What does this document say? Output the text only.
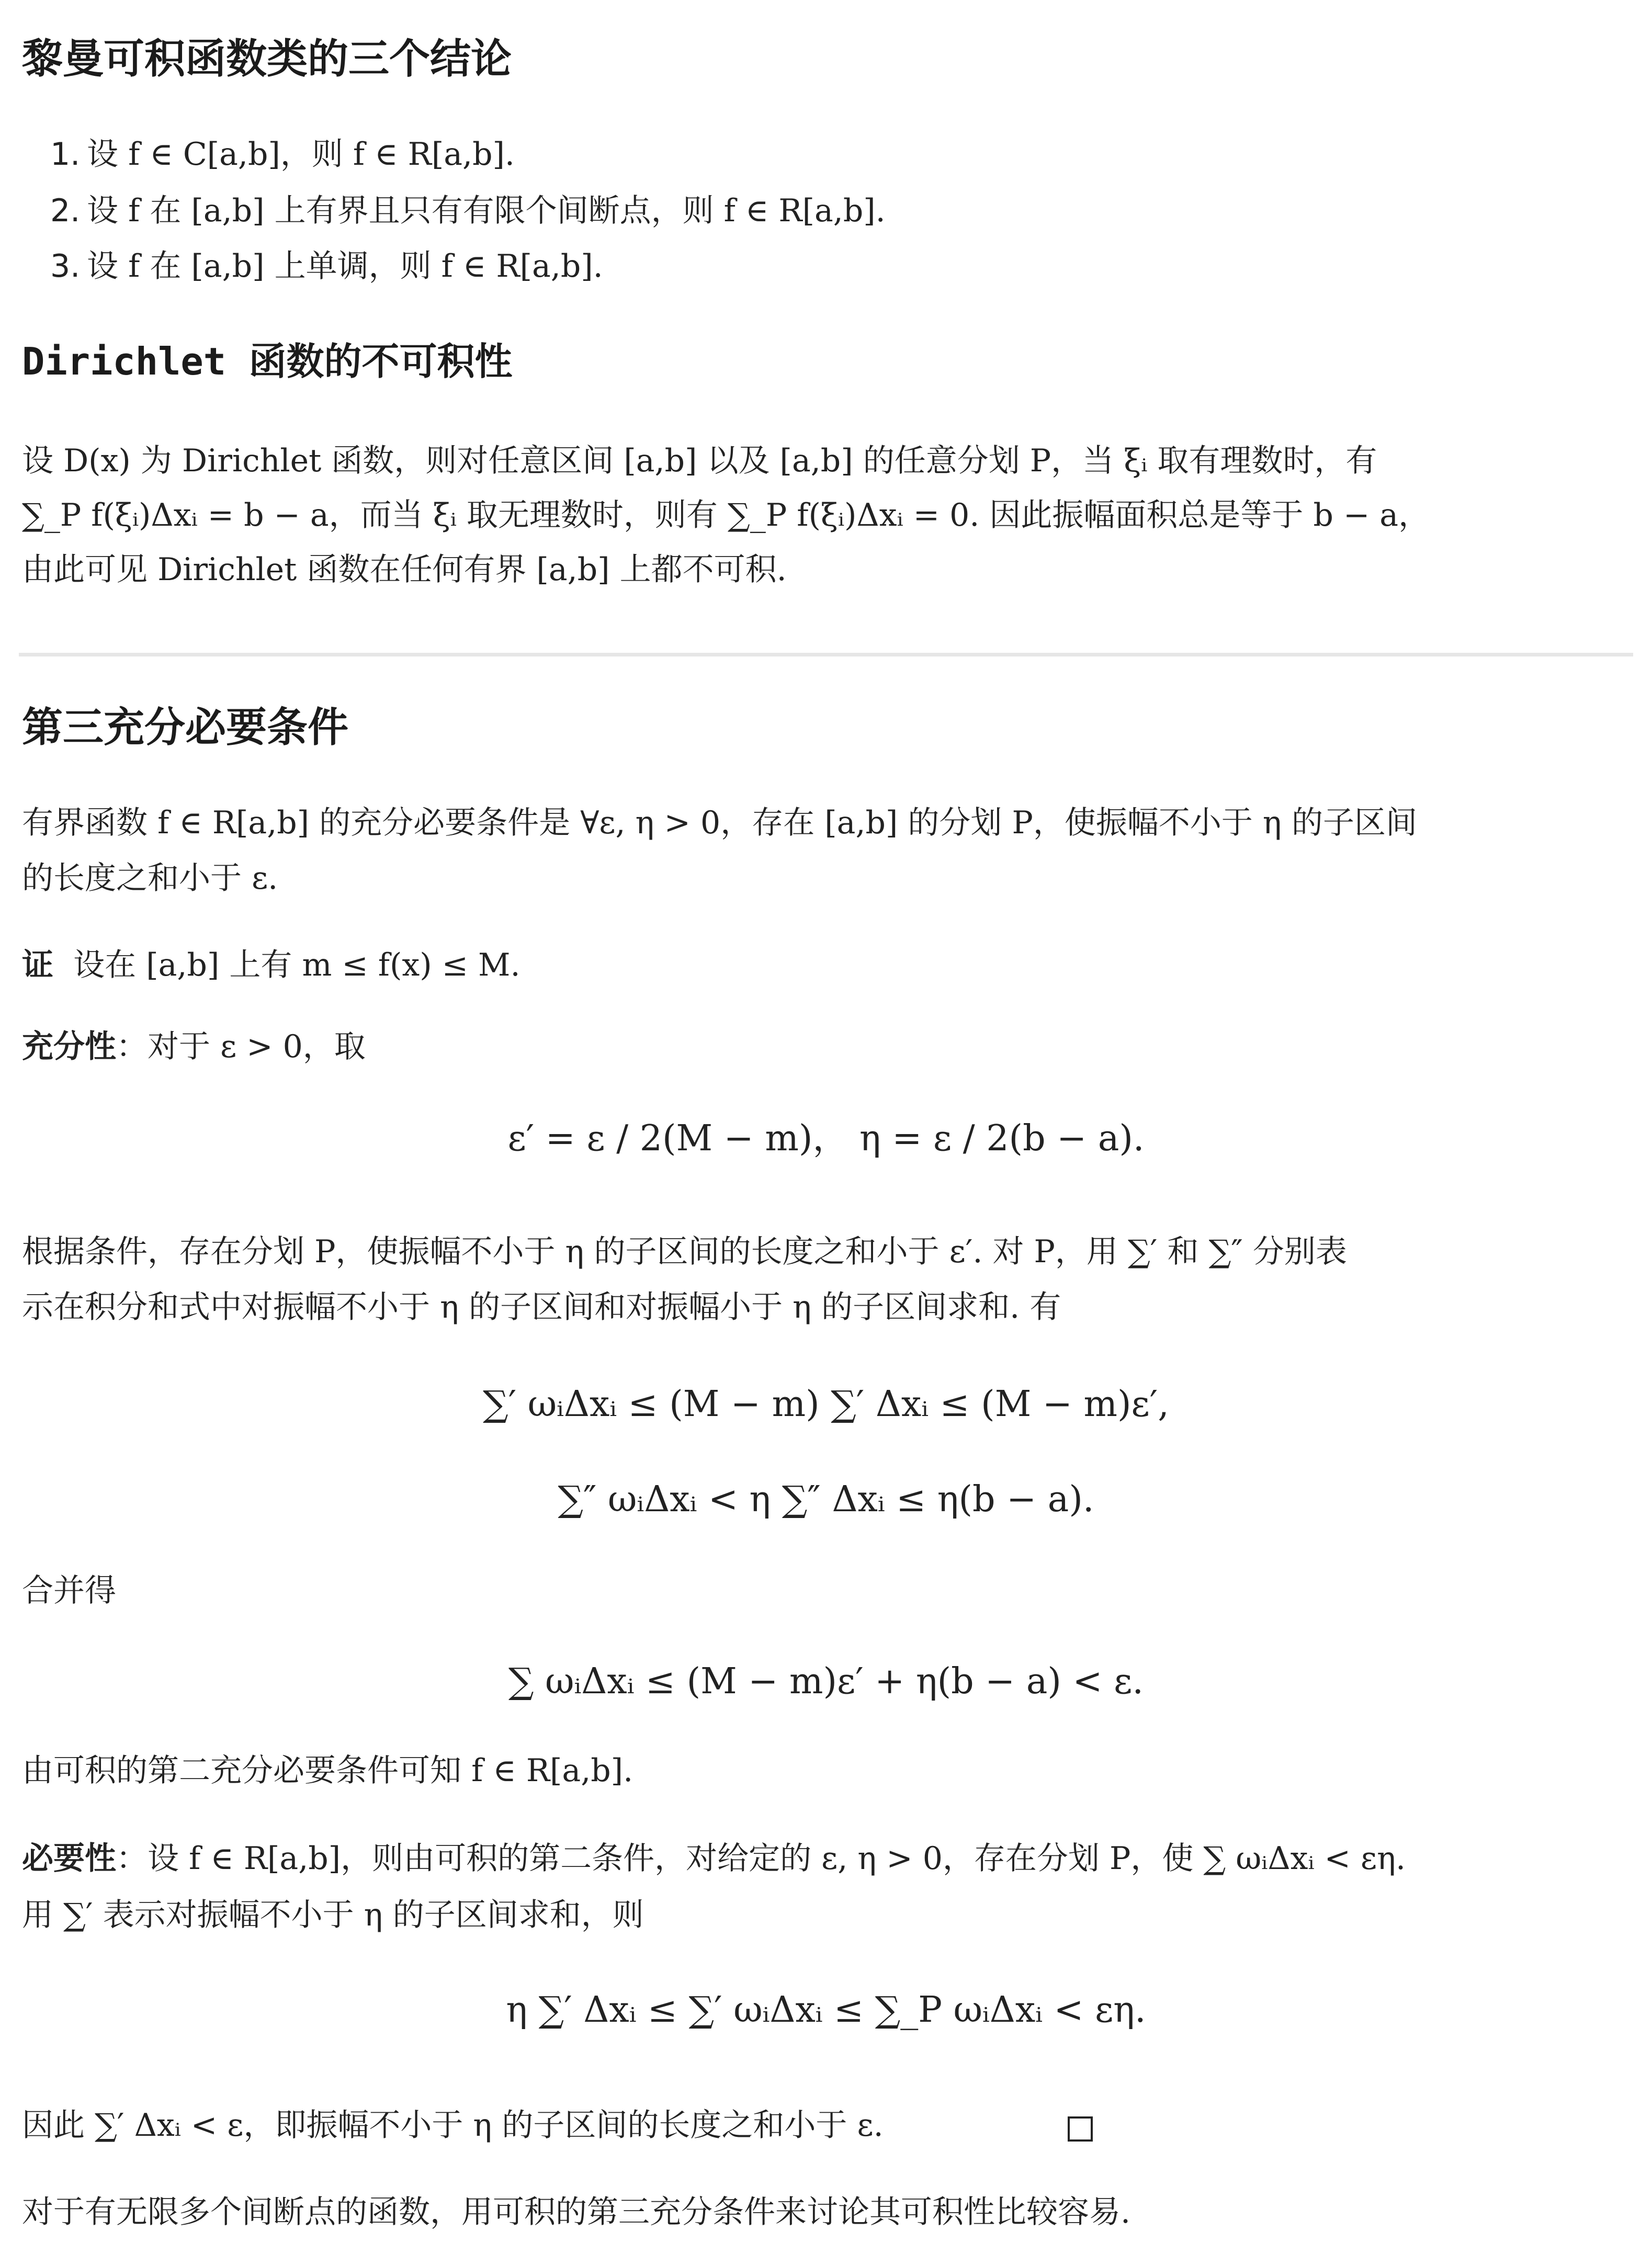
黎曼可积函数类的三个结论

1. 设 f ∈ C[a,b]，则 f ∈ R[a,b].

2. 设 f 在 [a,b] 上有界且只有有限个间断点，则 f ∈ R[a,b].

3. 设 f 在 [a,b] 上单调，则 f ∈ R[a,b].

Dirichlet 函数的不可积性

设 D(x) 为 Dirichlet 函数，则对任意区间 [a,b] 以及 [a,b] 的任意分划 P，当 ξᵢ 取有理数时，有

∑_P f(ξᵢ)Δxᵢ = b − a，而当 ξᵢ 取无理数时，则有 ∑_P f(ξᵢ)Δxᵢ = 0. 因此振幅面积总是等于 b − a，

由此可见 Dirichlet 函数在任何有界 [a,b] 上都不可积.

第三充分必要条件

有界函数 f ∈ R[a,b] 的充分必要条件是 ∀ε, η > 0，存在 [a,b] 的分划 P，使振幅不小于 η 的子区间

的长度之和小于 ε.

证 设在 [a,b] 上有 m ≤ f(x) ≤ M.

充分性：对于 ε > 0，取

ε′ = ε / 2(M − m)， η = ε / 2(b − a).

根据条件，存在分划 P，使振幅不小于 η 的子区间的长度之和小于 ε′. 对 P，用 ∑′ 和 ∑″ 分别表

示在积分和式中对振幅不小于 η 的子区间和对振幅小于 η 的子区间求和. 有

∑′ ωᵢΔxᵢ ≤ (M − m) ∑′ Δxᵢ ≤ (M − m)ε′,

∑″ ωᵢΔxᵢ < η ∑″ Δxᵢ ≤ η(b − a).

合并得

∑ ωᵢΔxᵢ ≤ (M − m)ε′ + η(b − a) < ε.

由可积的第二充分必要条件可知 f ∈ R[a,b].

必要性：设 f ∈ R[a,b]，则由可积的第二条件，对给定的 ε, η > 0，存在分划 P，使 ∑ ωᵢΔxᵢ < εη.

用 ∑′ 表示对振幅不小于 η 的子区间求和，则

η ∑′ Δxᵢ ≤ ∑′ ωᵢΔxᵢ ≤ ∑_P ωᵢΔxᵢ < εη.

因此 ∑′ Δxᵢ < ε，即振幅不小于 η 的子区间的长度之和小于 ε.

对于有无限多个间断点的函数，用可积的第三充分条件来讨论其可积性比较容易.
